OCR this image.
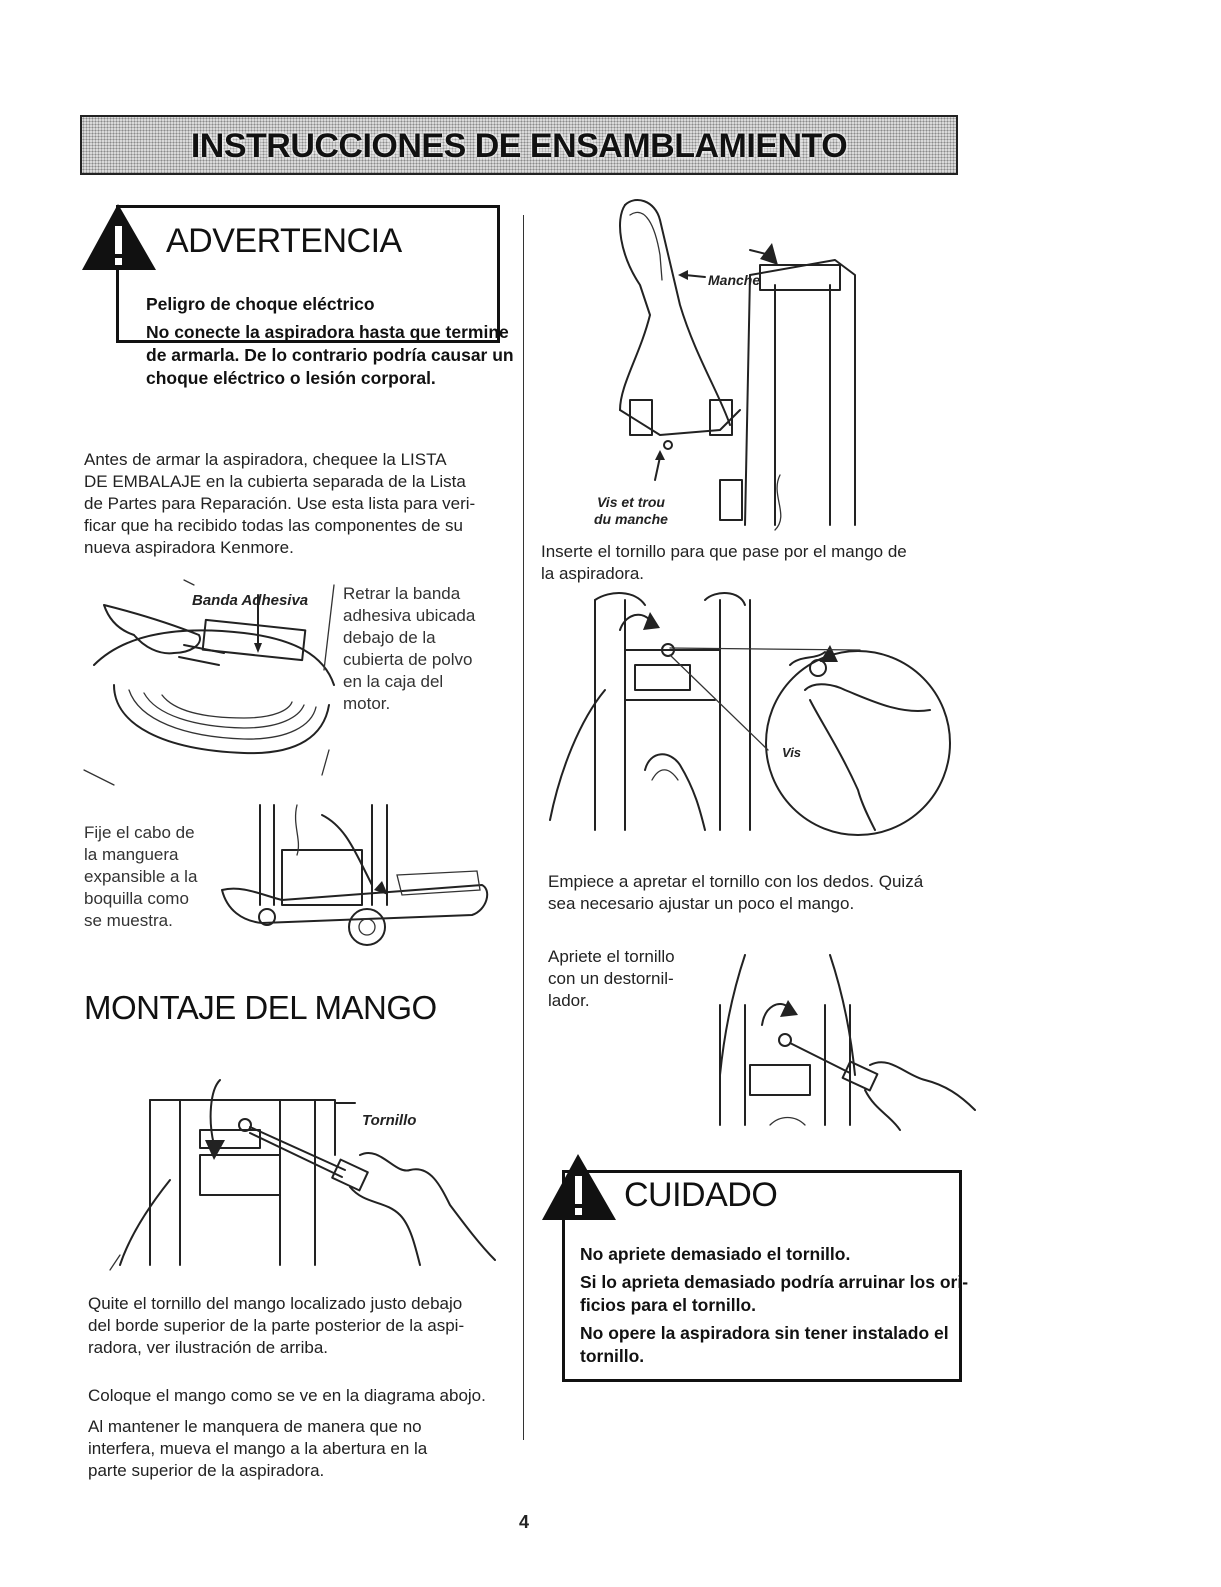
INSTRUCCIONES DE ENSAMBLAMIENTO
ADVERTENCIA
Peligro de choque eléctrico
No conecte la aspiradora hasta que termine
de armarla. De lo contrario podría causar un
choque eléctrico o lesión corporal.
Antes de armar la aspiradora, chequee la LISTA
DE EMBALAJE en la cubierta separada de la Lista
de Partes para Reparación. Use esta lista para veri-
ficar que ha recibido todas las componentes de su
nueva aspiradora Kenmore.
Banda Adhesiva Retrar la banda
adhesiva ubicada
debajo de la
cubierta de polvo
en la caja del
motor.
Fije el cabo de
la manguera
expansible a la
boquilla como
se muestra.
MONTAJE DEL MANGO
Tornillo
Quite el tornillo del mango localizado justo debajo
del borde superior de la parte posterior de la aspi-
radora, ver ilustración de arriba.
Coloque el mango como se ve en la diagrama abojo.
Al mantener le manquera de manera que no
interfera, mueva el mango a la abertura en la
parte superior de la aspiradora.
Manche
Vis et trou
du manche
Inserte el tornillo para que pase por el mango de
la aspiradora.
Vis
Empiece a apretar el tornillo con los dedos. Quizá
sea necesario ajustar un poco el mango.
Apriete el tornillo
con un destornil-
lador.
CUIDADO
No apriete demasiado el tornillo.
Si lo aprieta demasiado podría arruinar los ori-
ficios para el tornillo.
No opere la aspiradora sin tener instalado el
tornillo.
4
